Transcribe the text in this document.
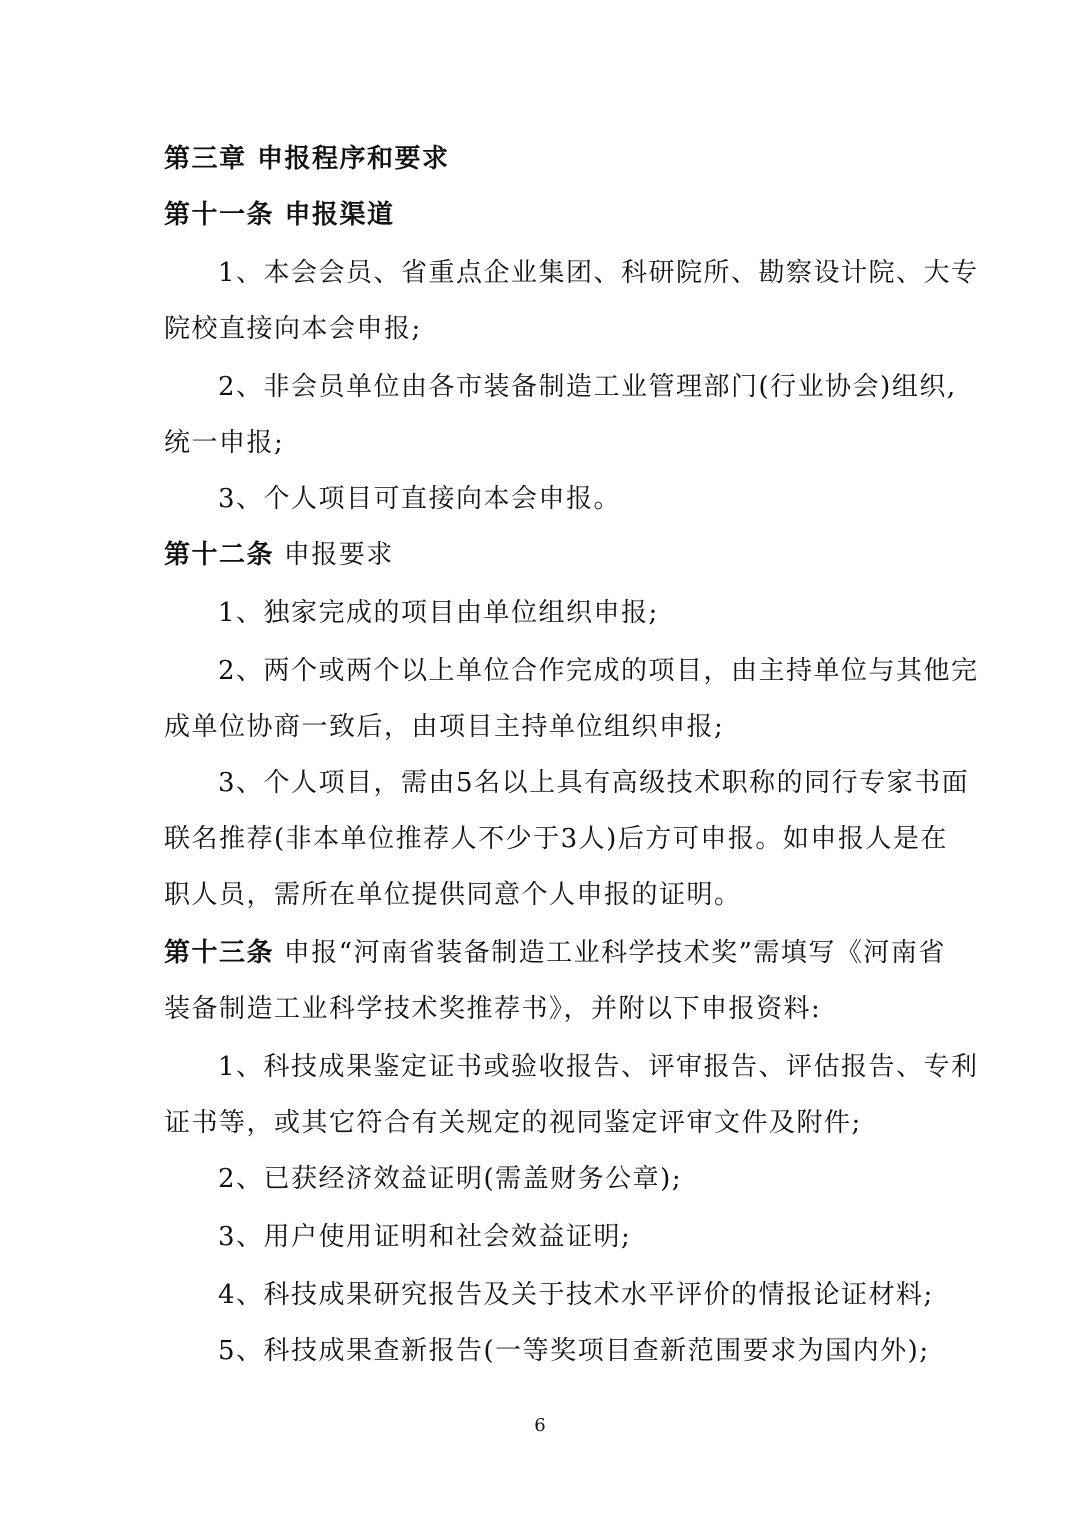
第三章 申报程序和要求
第十一条 申报渠道
1、本会会员、省重点企业集团、科研院所、勘察设计院、大专
院校直接向本会申报;
2、非会员单位由各市装备制造工业管理部门(行业协会)组织,
统一申报;
3、个人项目可直接向本会申报。
第十二条 申报要求
1、独家完成的项目由单位组织申报;
2、两个或两个以上单位合作完成的项目，由主持单位与其他完
成单位协商一致后，由项目主持单位组织申报;
3、个人项目，需由5名以上具有高级技术职称的同行专家书面
联名推荐(非本单位推荐人不少于3人)后方可申报。如申报人是在
职人员，需所在单位提供同意个人申报的证明。
第十三条 申报“河南省装备制造工业科学技术奖”需填写《河南省
装备制造工业科学技术奖推荐书》，并附以下申报资料:
1、科技成果鉴定证书或验收报告、评审报告、评估报告、专利
证书等，或其它符合有关规定的视同鉴定评审文件及附件;
2、已获经济效益证明(需盖财务公章);
3、用户使用证明和社会效益证明;
4、科技成果研究报告及关于技术水平评价的情报论证材料;
5、科技成果查新报告(一等奖项目查新范围要求为国内外);
6
